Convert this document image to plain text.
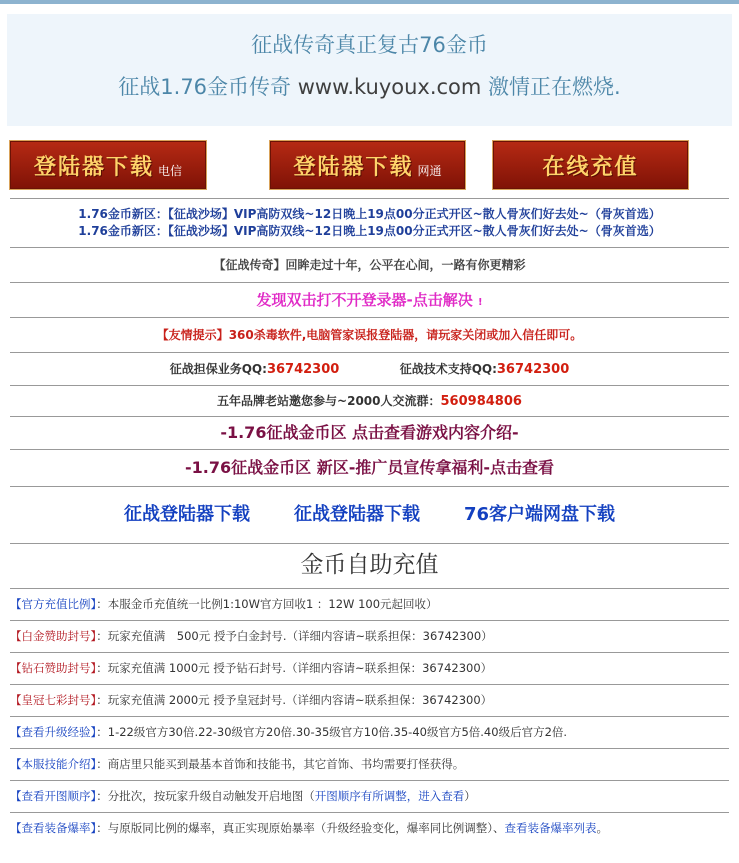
征战传奇真正复古76金币
征战1.76金币传奇 www.kuyoux.com 激情正在燃烧.
登陆器下载 电信	登陆器下载 网通	在线充值
1.76金币新区：【征战沙场】VIP高防双线~12日晚上19点00分正式开区~散人骨灰们好去处~（骨灰首选）
1.76金币新区：【征战沙场】VIP高防双线~12日晚上19点00分正式开区~散人骨灰们好去处~（骨灰首选）
【征战传奇】回眸走过十年，公平在心间，一路有你更精彩
发现双击打不开登录器-点击解决 !
【友情提示】360杀毒软件,电脑管家误报登陆器，请玩家关闭或加入信任即可。
征战担保业务QQ:36742300	征战技术支持QQ:36742300
五年品牌老站邀您参与~2000人交流群：560984806
-1.76征战金币区 点击查看游戏内容介绍-
-1.76征战金币区 新区-推广员宣传拿福利-点击查看
征战登陆器下载 征战登陆器下载 76客户端网盘下载
金币自助充值
【官方充值比例】：本服金币充值统一比例1:10W官方回收1 ：12W 100元起回收）
【白金赞助封号】：玩家充值满　500元 授予白金封号.（详细内容请~联系担保：36742300）
【钻石赞助封号】：玩家充值满 1000元 授予钻石封号.（详细内容请~联系担保：36742300）
【皇冠七彩封号】：玩家充值满 2000元 授予皇冠封号.（详细内容请~联系担保：36742300）
【查看升级经验】：1-22级官方30倍.22-30级官方20倍.30-35级官方10倍.35-40级官方5倍.40级后官方2倍.
【本服技能介绍】：商店里只能买到最基本首饰和技能书，其它首饰、书均需要打怪获得。
【查看开图顺序】：分批次，按玩家升级自动触发开启地图（开图顺序有所调整，进入查看）
【查看装备爆率】：与原版同比例的爆率，真正实现原始暴率（升级经验变化，爆率同比例调整）、查看装备爆率列表。
